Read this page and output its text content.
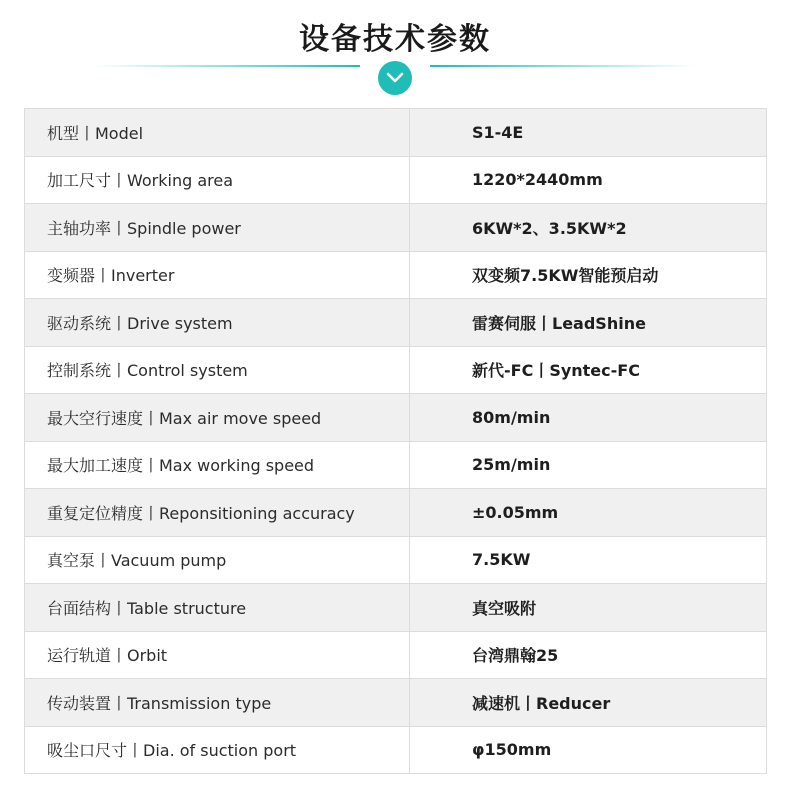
设备技术参数
机型丨Model	S1-4E
加工尺寸丨Working area	1220*2440mm
主轴功率丨Spindle power	6KW*2、3.5KW*2
变频器丨Inverter	双变频7.5KW智能预启动
驱动系统丨Drive system	雷赛伺服丨LeadShine
控制系统丨Control system	新代-FC丨Syntec-FC
最大空行速度丨Max air move speed	80m/min
最大加工速度丨Max working speed	25m/min
重复定位精度丨Reponsitioning accuracy	±0.05mm
真空泵丨Vacuum pump	7.5KW
台面结构丨Table structure	真空吸附
运行轨道丨Orbit	台湾鼎翰25
传动装置丨Transmission type	减速机丨Reducer
吸尘口尺寸丨Dia. of suction port	φ150mm
